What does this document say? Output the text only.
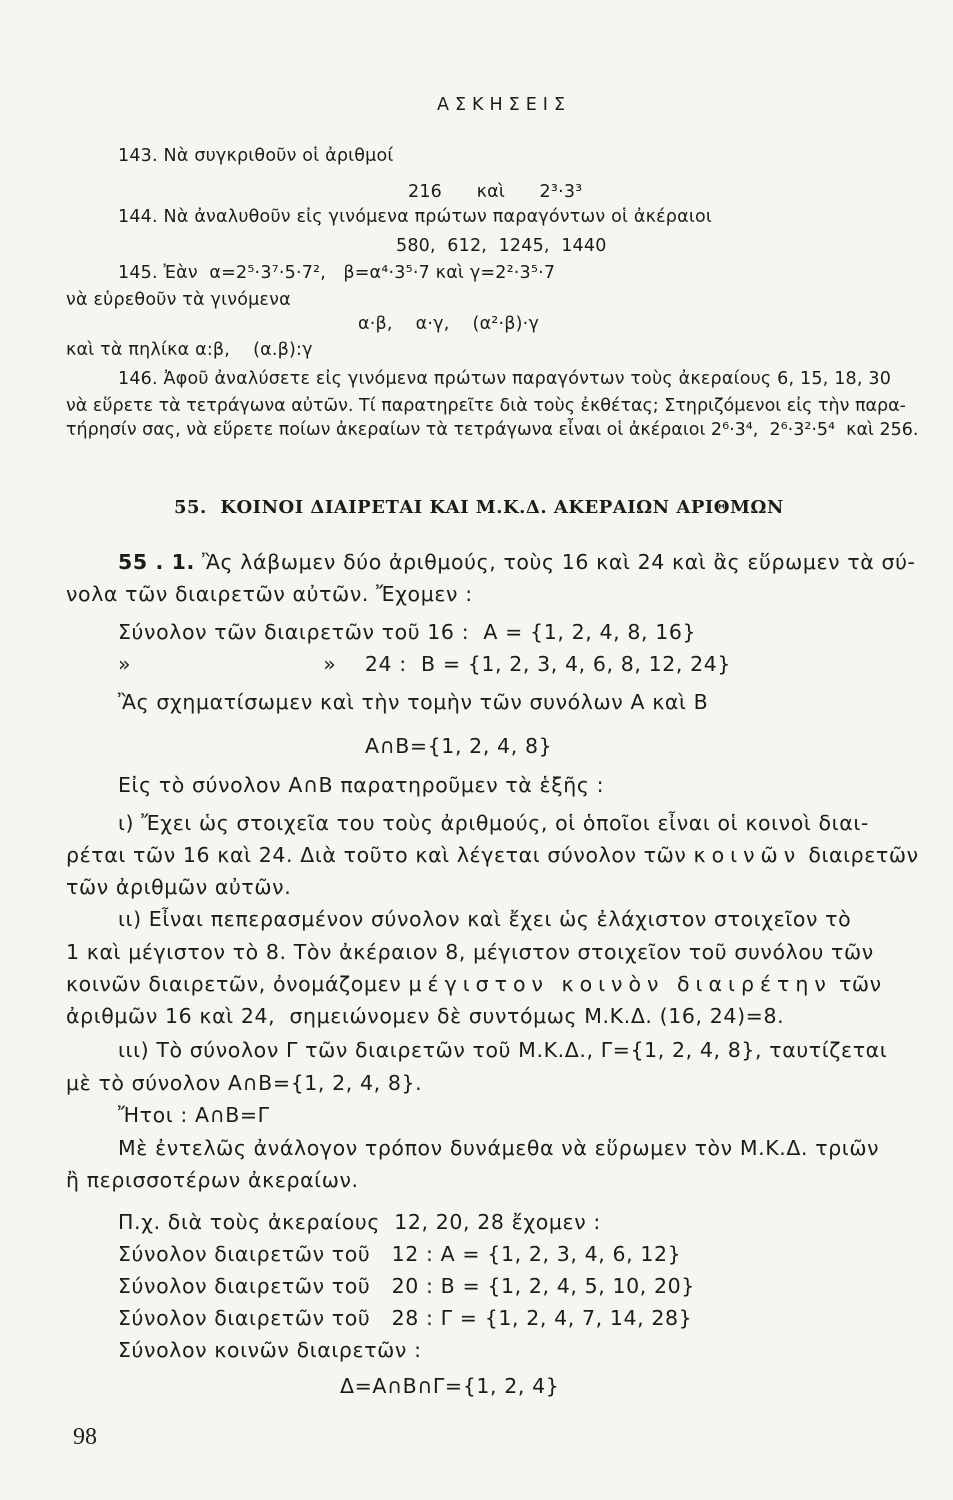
ΑΣΚΗΣΕΙΣ
143. Νὰ συγκριθοῦν οἱ ἀριθμοί
216      καὶ      2³·3³
144. Νὰ ἀναλυθοῦν εἰς γινόμενα πρώτων παραγόντων οἱ ἀκέραιοι
580,  612,  1245,  1440
145. Ἐὰν  α=2⁵·3⁷·5·7²,   β=α⁴·3⁵·7 καὶ γ=2²·3⁵·7
νὰ εὑρεθοῦν τὰ γινόμενα
α·β,    α·γ,    (α²·β)·γ
καὶ τὰ πηλίκα α:β,    (α.β):γ
146. Ἀφοῦ ἀναλύσετε εἰς γινόμενα πρώτων παραγόντων τοὺς ἀκεραίους 6, 15, 18, 30
νὰ εὕρετε τὰ τετράγωνα αὐτῶν. Τί παρατηρεῖτε διὰ τοὺς ἐκθέτας; Στηριζόμενοι εἰς τὴν παρα-
τήρησίν σας, νὰ εὕρετε ποίων ἀκεραίων τὰ τετράγωνα εἶναι οἱ ἀκέραιοι 2⁶·3⁴,  2⁶·3²·5⁴  καὶ 256.
55.  ΚΟΙΝΟΙ ΔΙΑΙΡΕΤΑΙ ΚΑΙ Μ.Κ.Δ. ΑΚΕΡΑΙΩΝ ΑΡΙΘΜΩΝ
55 . 1. Ἂς λάβωμεν δύο ἀριθμούς, τοὺς 16 καὶ 24 καὶ ἂς εὕρωμεν τὰ σύ-
νολα τῶν διαιρετῶν αὐτῶν. Ἔχομεν :
Σύνολον τῶν διαιρετῶν τοῦ 16 :  Α = {1, 2, 4, 8, 16}
»                           »    24 :  Β = {1, 2, 3, 4, 6, 8, 12, 24}
Ἂς σχηματίσωμεν καὶ τὴν τομὴν τῶν συνόλων Α καὶ Β
Α∩Β={1, 2, 4, 8}
Εἰς τὸ σύνολον Α∩Β παρατηροῦμεν τὰ ἑξῆς :
ι) Ἔχει ὡς στοιχεῖα του τοὺς ἀριθμούς, οἱ ὁποῖοι εἶναι οἱ κοινοὶ διαι-
ρέται τῶν 16 καὶ 24. Διὰ τοῦτο καὶ λέγεται σύνολον τῶν κοινῶν διαιρετῶν
τῶν ἀριθμῶν αὐτῶν.
ιι) Εἶναι πεπερασμένον σύνολον καὶ ἔχει ὡς ἐλάχιστον στοιχεῖον τὸ
1 καὶ μέγιστον τὸ 8. Τὸν ἀκέραιον 8, μέγιστον στοιχεῖον τοῦ συνόλου τῶν
κοινῶν διαιρετῶν, ὀνομάζομεν μέγιστον κοινὸν διαιρέτην τῶν
ἀριθμῶν 16 καὶ 24,  σημειώνομεν δὲ συντόμως Μ.Κ.Δ. (16, 24)=8.
ιιι) Τὸ σύνολον Γ τῶν διαιρετῶν τοῦ Μ.Κ.Δ., Γ={1, 2, 4, 8}, ταυτίζεται
μὲ τὸ σύνολον Α∩Β={1, 2, 4, 8}.
Ἤτοι : Α∩Β=Γ
Μὲ ἐντελῶς ἀνάλογον τρόπον δυνάμεθα νὰ εὕρωμεν τὸν Μ.Κ.Δ. τριῶν
ἢ περισσοτέρων ἀκεραίων.
Π.χ. διὰ τοὺς ἀκεραίους  12, 20, 28 ἔχομεν :
Σύνολον διαιρετῶν τοῦ   12 : Α = {1, 2, 3, 4, 6, 12}
Σύνολον διαιρετῶν τοῦ   20 : Β = {1, 2, 4, 5, 10, 20}
Σύνολον διαιρετῶν τοῦ   28 : Γ = {1, 2, 4, 7, 14, 28}
Σύνολον κοινῶν διαιρετῶν :
Δ=Α∩Β∩Γ={1, 2, 4}
98
